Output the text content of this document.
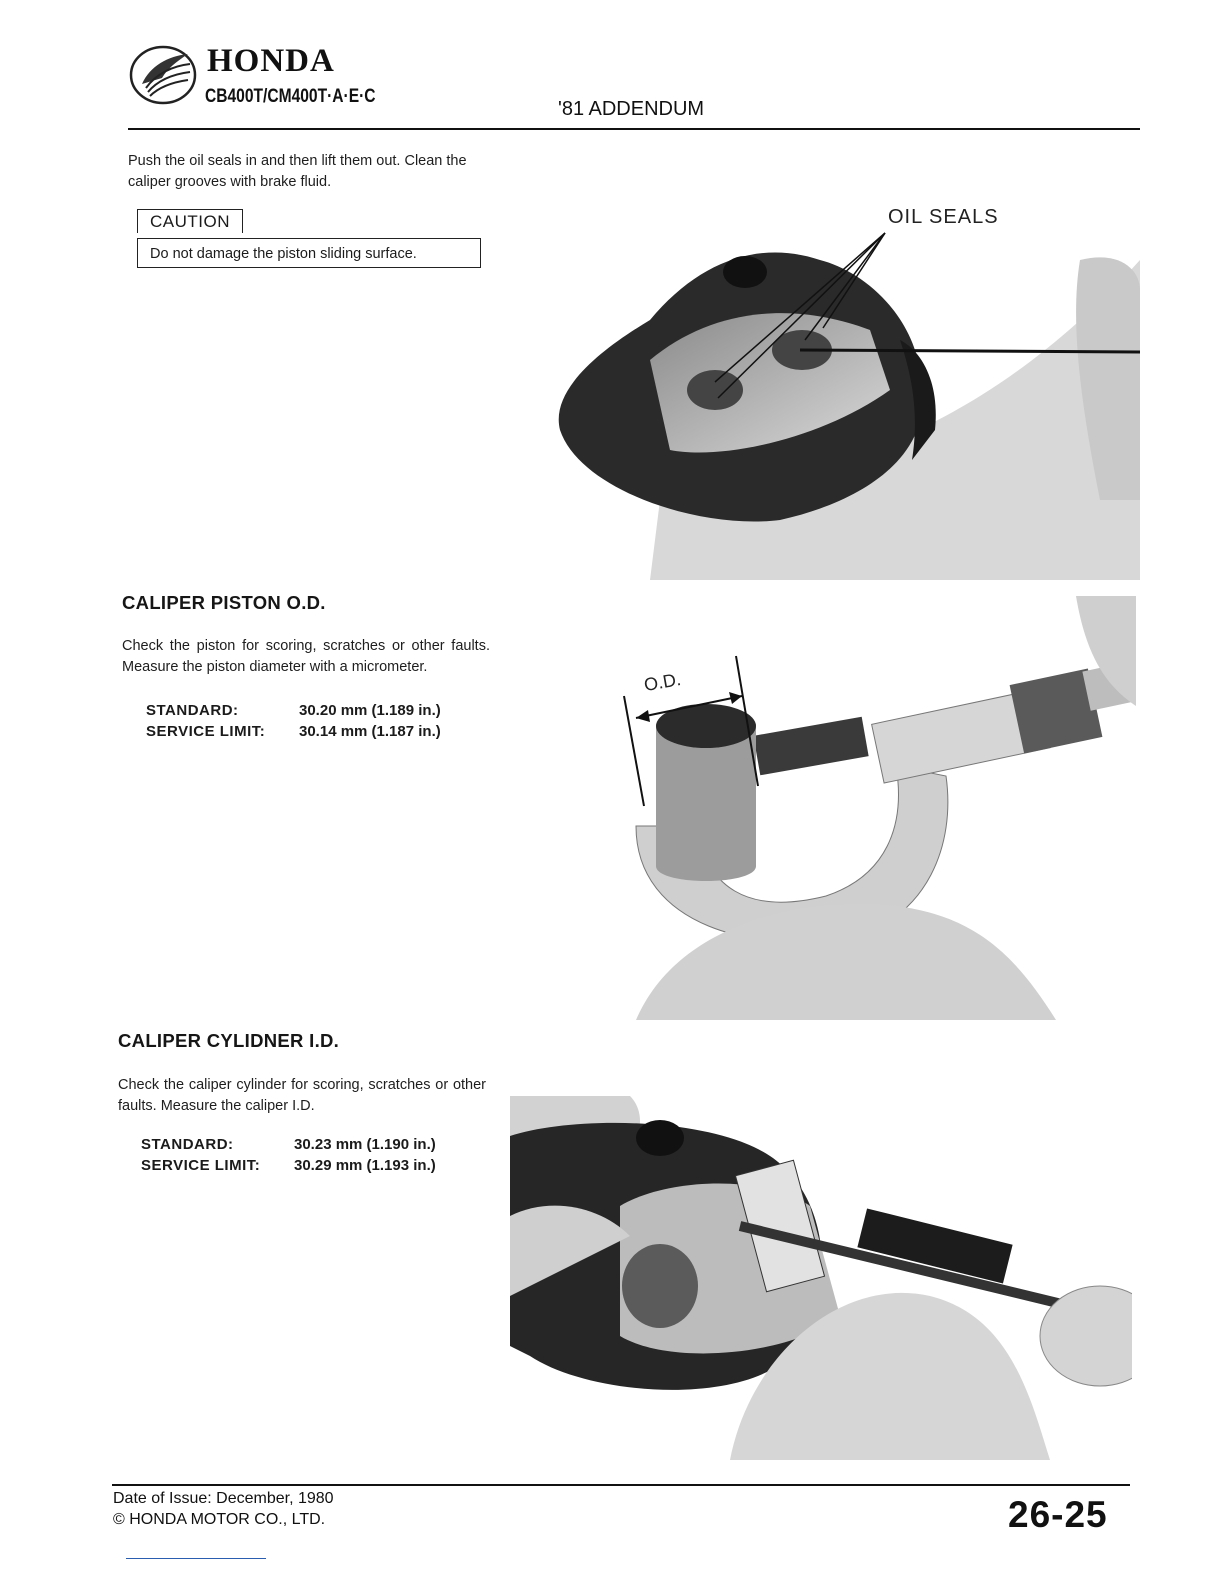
HONDA
CB400T/CM400T·A·E·C
'81 ADDENDUM
Push the oil seals in and then lift them out. Clean the caliper grooves with brake fluid.
CAUTION
Do not damage the piston sliding surface.
OIL SEALS
CALIPER PISTON O.D.
Check the piston for scoring, scratches or other faults. Measure the piston diameter with a micrometer.
STANDARD:	30.20 mm (1.189 in.)
SERVICE LIMIT: 30.14 mm (1.187 in.)
O.D.
CALIPER CYLIDNER I.D.
Check the caliper cylinder for scoring, scratches or other faults. Measure the caliper I.D.
STANDARD:	30.23 mm (1.190 in.)
SERVICE LIMIT: 30.29 mm (1.193 in.)
Date of Issue: December, 1980
© HONDA MOTOR CO., LTD.	26-25
